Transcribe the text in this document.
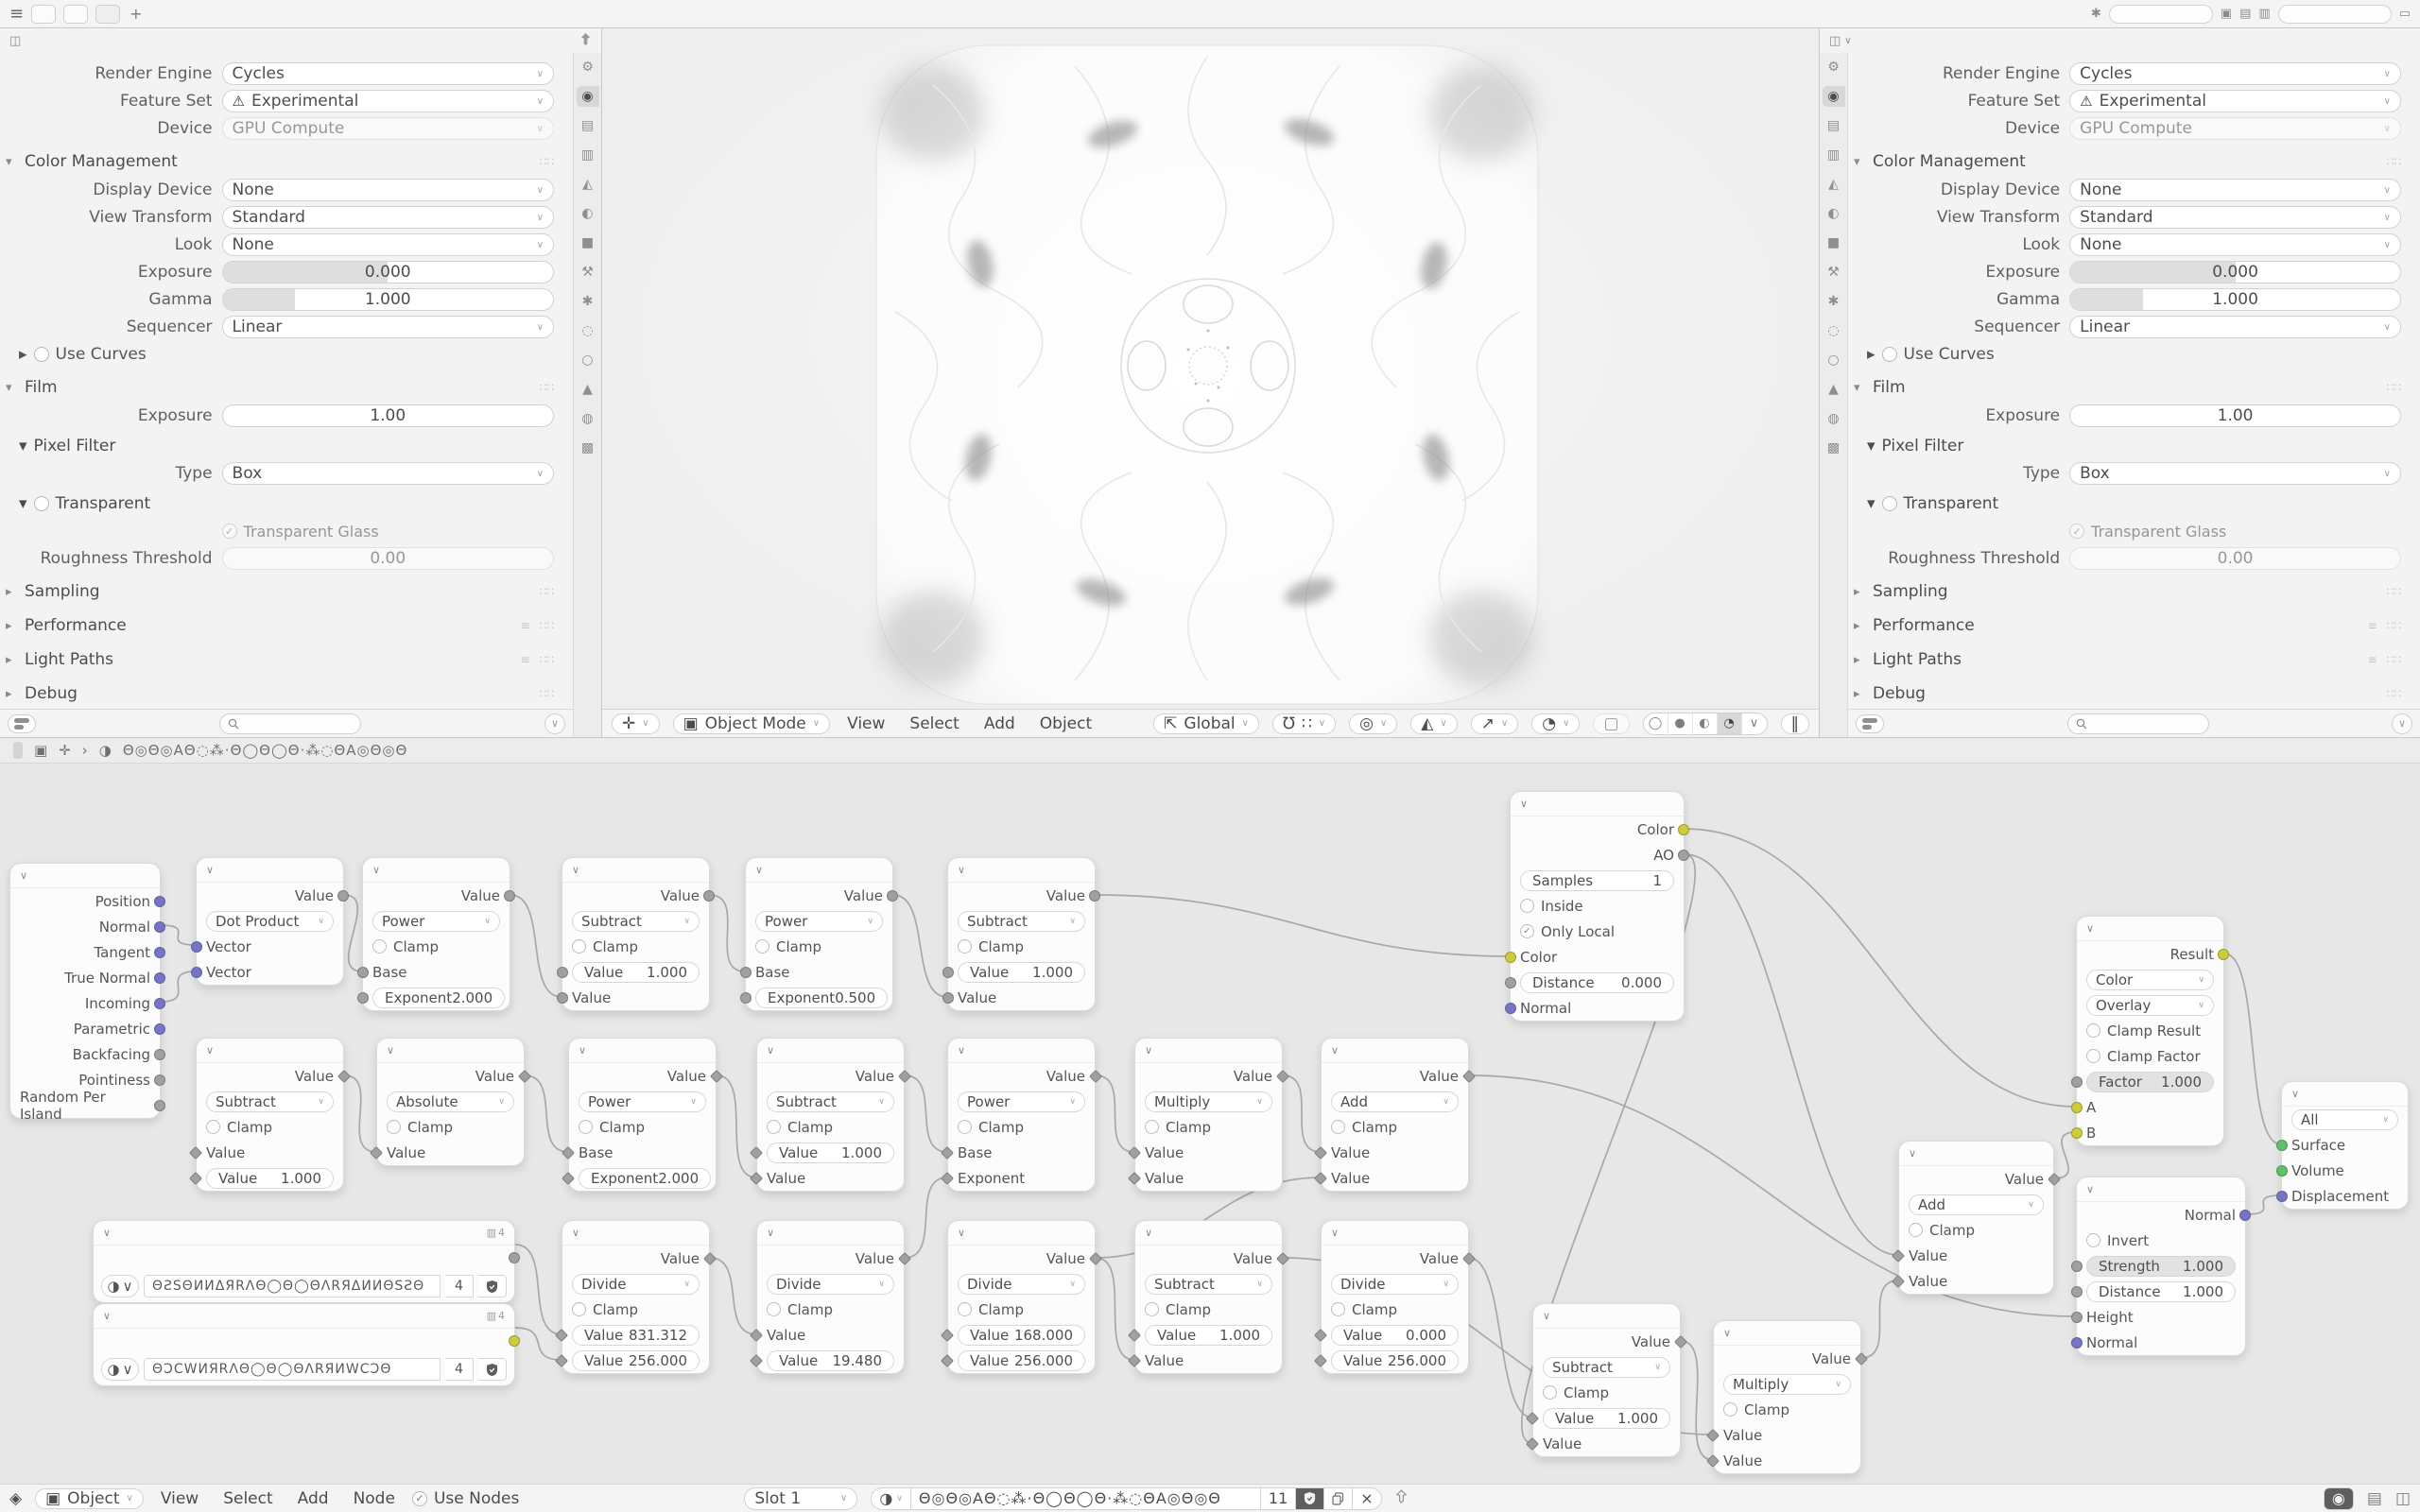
≡	+	✱	▣ ▤ ▥	▭
◫
Render Engine	Cycles	∨
Feature Set	⚠ Experimental	∨
Device	GPU Compute	∨
▾ Color Management	∷∷
Display Device	None	∨
View Transform	Standard	∨
Look	None	∨
Exposure	0.000
Gamma	1.000
Sequencer	Linear	∨
▸ Use Curves
▾ Film	∷∷
Exposure	1.00
▾ Pixel Filter
Type	Box	∨
▾ Transparent
✓ Transparent Glass
Roughness Threshold	0.00
▸ Sampling	∷∷
▸ Performance	≡ ∷∷
▸ Light Paths	≡ ∷∷
▸ Debug	∷∷
⚙
◉
▤
▥
◭
◐
■
⚒
✱
◌
○
▲
◍
▩
∨
◫ ∨
Render Engine	Cycles	∨
Feature Set	⚠ Experimental	∨
Device	GPU Compute	∨
▾ Color Management	∷∷
Display Device	None	∨
View Transform	Standard	∨
Look	None	∨
Exposure	0.000
Gamma	1.000
Sequencer	Linear	∨
▸ Use Curves
▾ Film	∷∷
Exposure	1.00
▾ Pixel Filter
Type	Box	∨
▾ Transparent
✓ Transparent Glass
Roughness Threshold	0.00
▸ Sampling	∷∷
▸ Performance	≡ ∷∷
▸ Light Paths	≡ ∷∷
▸ Debug	∷∷
⚙
◉
▤
▥
◭
◐
■
⚒
✱
◌
○
▲
◍
▩
∨
✛ ∨ ▣ Object Mode ∨ View Select Add Object	⇱ Global ∨ ℧ ∷ ∨ ◎ ∨ ◭ ∨ ↗ ∨ ◔ ∨ ▢	◯	●	◐	◔	∨	‖
▣ ✛ › ◑ Θ◎Θ◎AΘ◌⁂·Θ◯Θ◯Θ·⁂◌ΘA◎Θ◎Θ
∨
Position
Normal
Tangent
True Normal
Incoming
Parametric
Backfacing
Pointiness
Random Per Island
∨
Value
Dot Product ∨
Vector
Vector
∨
Value
Power	∨
Clamp
Base
Exponent 2.000
∨
Value
Subtract	∨
Clamp
Value 1.000
Value
∨
Value
Power	∨
Clamp
Base
Exponent 0.500
∨
Value
Subtract	∨
Clamp
Value 1.000
Value
∨
Value
Subtract	∨
Clamp
Value
Value 1.000
∨
Value
Absolute	∨
Clamp
Value
∨
Value
Power	∨
Clamp
Base
Exponent 2.000
∨
Value
Subtract	∨
Clamp
Value 1.000
Value
∨
Value
Power	∨
Clamp
Base
Exponent
∨
Value
Multiply	∨
Clamp
Value
Value
∨
Value
Add	∨
Clamp
Value
Value
∨	▥ 4
◑ ∨	ΘƧЅΘИИΔЯRΛΘ◯Θ◯ΘΛRЯΔИИΘЅƧΘ	4
∨	▥ 4
◑ ∨	ΘƆCWИЯRΛΘ◯Θ◯ΘΛRЯИWCƆΘ	4
∨
Value
Divide	∨
Clamp
Value 831.312
Value 256.000
∨
Value
Divide	∨
Clamp
Value
Value 19.480
∨
Value
Divide	∨
Clamp
Value 168.000
Value 256.000
∨
Value
Subtract	∨
Clamp
Value 1.000
Value
∨
Value
Divide	∨
Clamp
Value 0.000
Value 256.000
∨
Color
AO
Samples	1
Inside
✓ Only Local
Color
Distance 0.000
Normal
∨
Value
Add	∨
Clamp
Value
Value
∨
Value
Subtract	∨
Clamp
Value 1.000
Value
∨
Value
Multiply	∨
Clamp
Value
Value
∨
Result
Color	∨
Overlay	∨
Clamp Result
Clamp Factor
Factor 1.000
A
B
∨
All	∨
Surface
Volume
Displacement
∨
Normal
Invert
Strength 1.000
Distance 1.000
Height
Normal
◈ ▣ Object ∨ View Select Add Node	✓ Use Nodes	Slot 1	∨ ◑ ∨	Θ◎Θ◎AΘ◌⁂·Θ◯Θ◯Θ·⁂◌ΘA◎Θ◎Θ	11	×	◉	▤ ◫
